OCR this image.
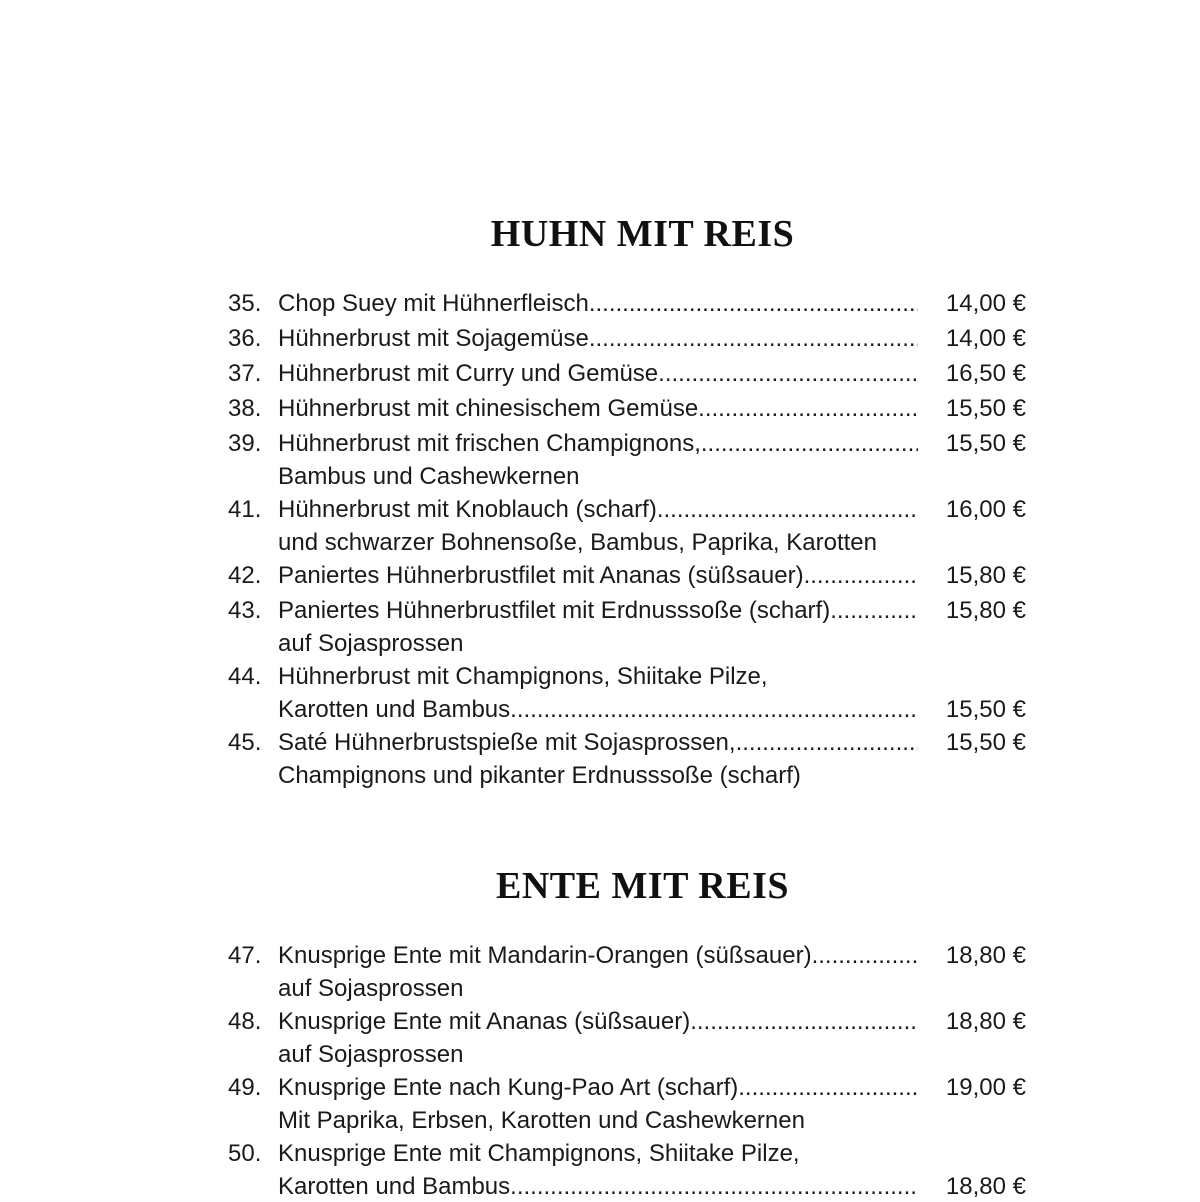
HUHN MIT REIS
35. Chop Suey mit Hühnerfleisch .....	14,00 €
36. Hühnerbrust mit Sojagemüse .....	14,00 €
37. Hühnerbrust mit Curry und Gemüse .....	16,50 €
38. Hühnerbrust mit chinesischem Gemüse .....	15,50 €
39. Hühnerbrust mit frischen Champignons, .....	15,50 €
Bambus und Cashewkernen
41. Hühnerbrust mit Knoblauch (scharf) .....	16,00 €
und schwarzer Bohnensoße, Bambus, Paprika, Karotten
42. Paniertes Hühnerbrustfilet mit Ananas (süßsauer) .....	15,80 €
43. Paniertes Hühnerbrustfilet mit Erdnusssoße (scharf) .....	15,80 €
auf Sojasprossen
44. Hühnerbrust mit Champignons, Shiitake Pilze,
Karotten und Bambus .....	15,50 €
45. Saté Hühnerbrustspieße mit Sojasprossen, .....	15,50 €
Champignons und pikanter Erdnusssoße (scharf)
ENTE MIT REIS
47. Knusprige Ente mit Mandarin-Orangen (süßsauer) .....	18,80 €
auf Sojasprossen
48. Knusprige Ente mit Ananas (süßsauer) .....	18,80 €
auf Sojasprossen
49. Knusprige Ente nach Kung-Pao Art (scharf) .....	19,00 €
Mit Paprika, Erbsen, Karotten und Cashewkernen
50. Knusprige Ente mit Champignons, Shiitake Pilze,
Karotten und Bambus .....	18,80 €
